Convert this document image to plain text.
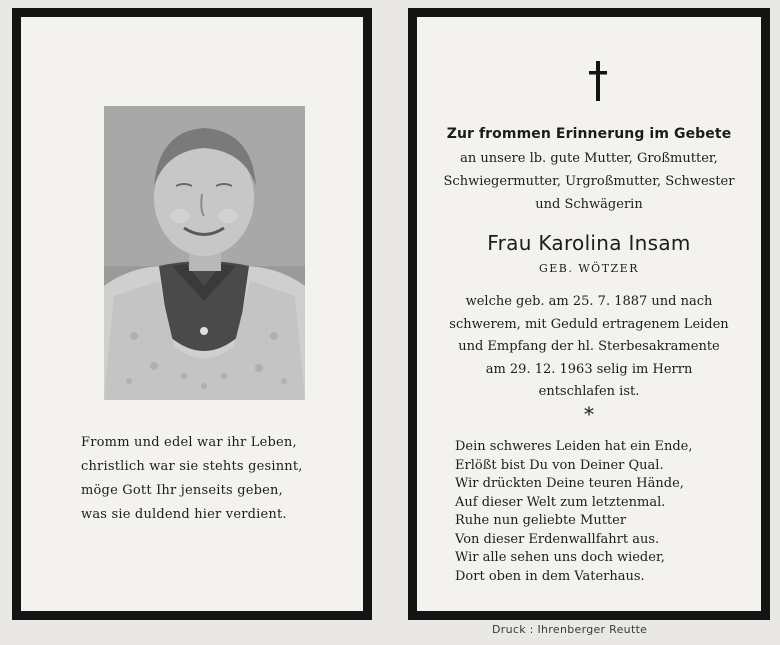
Fromm und edel war ihr Leben,
christlich war sie stehts gesinnt,
möge Gott Ihr jenseits geben,
was sie duldend hier verdient.
Zur frommen Erinnerung im Gebete
an unsere lb. gute Mutter, Großmutter,
Schwiegermutter, Urgroßmutter, Schwester
und Schwägerin
Frau Karolina Insam
GEB. WÖTZER
welche geb. am 25. 7. 1887 und nach
schwerem, mit Geduld ertragenem Leiden
und Empfang der hl. Sterbesakramente
am 29. 12. 1963 selig im Herrn
entschlafen ist.
*
Dein schweres Leiden hat ein Ende,
Erlößt bist Du von Deiner Qual.
Wir drückten Deine teuren Hände,
Auf dieser Welt zum letztenmal.
Ruhe nun geliebte Mutter
Von dieser Erdenwallfahrt aus.
Wir alle sehen uns doch wieder,
Dort oben in dem Vaterhaus.
Druck : Ihrenberger Reutte
